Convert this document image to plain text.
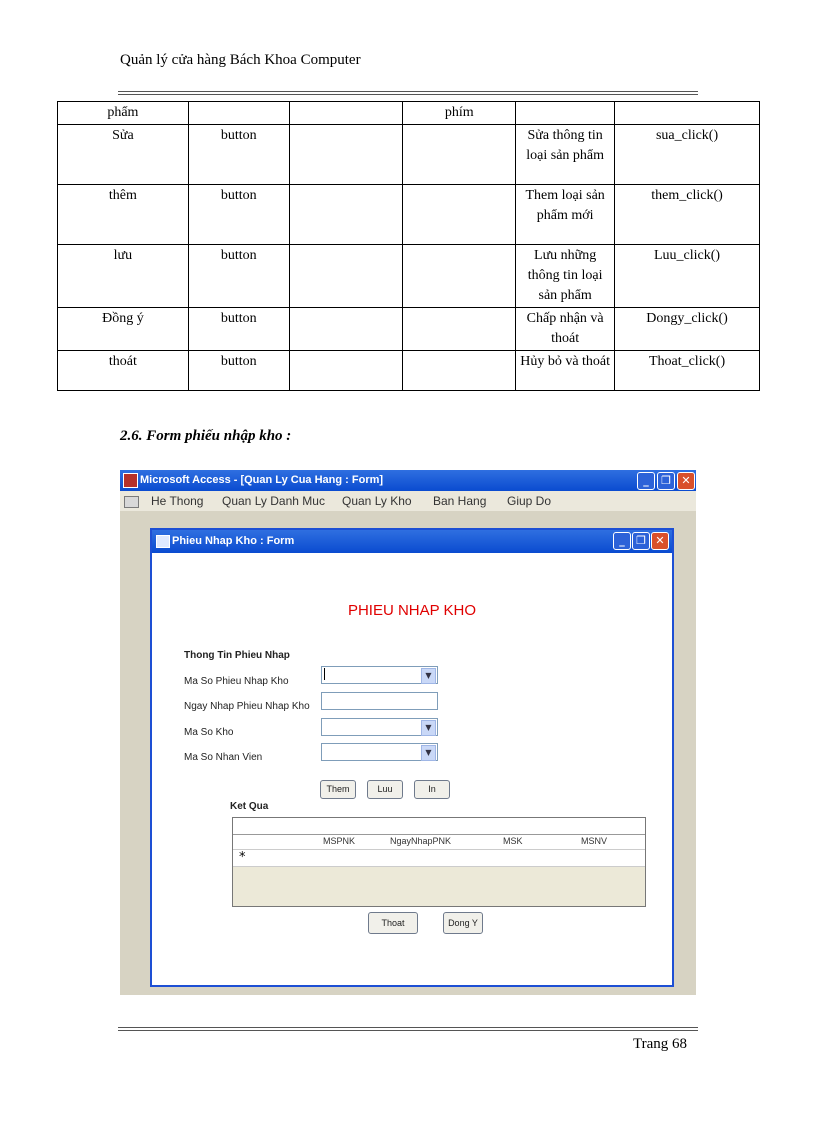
Quản lý cửa hàng Bách Khoa Computer
phẩm			phím		
Sửa	button			Sửa thông tin loại sản phẩm	sua_click()
thêm	button			Them loại sản phẩm mới	them_click()
lưu	button			Lưu những thông tin loại sản phẩm	Luu_click()
Đồng ý	button			Chấp nhận và thoát	Dongy_click()
thoát	button			Hủy bỏ và thoát	Thoat_click()
2.6. Form phiếu nhập kho :
Microsoft Access - [Quan Ly Cua Hang : Form]	_	❐ ✕
He Thong Quan Ly Danh Muc Quan Ly Kho Ban Hang Giup Do
Phieu Nhap Kho : Form	_	❐ ✕
PHIEU NHAP KHO
Thong Tin Phieu Nhap
Ma So Phieu Nhap Kho
▼
Ngay Nhap Phieu Nhap Kho
Ma So Kho	▼
Ma So Nhan Vien	▼
Them	Luu	In
Ket Qua
MSPNK	NgayNhapPNK	MSK	MSNV
*
Thoat	Dong Y
Trang 68
